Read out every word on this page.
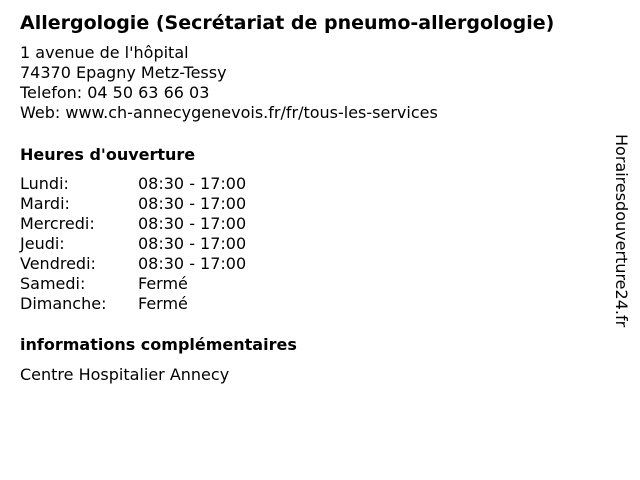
Allergologie (Secrétariat de pneumo-allergologie)
1 avenue de l'hôpital
74370 Epagny Metz-Tessy
Telefon: 04 50 63 66 03
Web: www.ch-annecygenevois.fr/fr/tous-les-services
Heures d'ouverture
Lundi:	08:30 - 17:00
Mardi:	08:30 - 17:00
Mercredi:	08:30 - 17:00
Jeudi:	08:30 - 17:00
Vendredi:	08:30 - 17:00
Samedi:	Fermé
Dimanche: Fermé
informations complémentaires
Centre Hospitalier Annecy
Horairesdouverture24.fr
